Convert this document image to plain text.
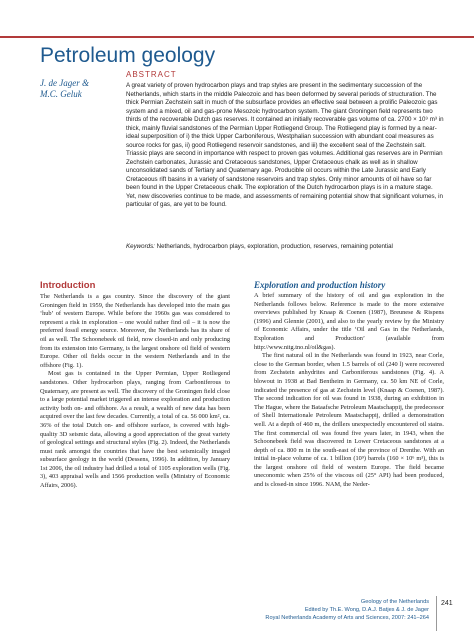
Petroleum geology
J. de Jager &
M.C. Geluk
ABSTRACT

A great variety of proven hydrocarbon plays and trap styles are present in the sedimentary succession of the Netherlands, which starts in the middle Paleozoic and has been deformed by several periods of structuration. The thick Permian Zechstein salt in much of the subsurface provides an effective seal between a prolific Paleozoic gas system and a mixed, oil and gas-prone Mesozoic hydrocarbon system. The giant Groningen field represents two thirds of the recoverable Dutch gas reserves. It contained an initially recoverable gas volume of ca. 2700 × 10⁹ m³ in thick, mainly fluvial sandstones of the Permian Upper Rotliegend Group. The Rotliegend play is formed by a near-ideal superposition of i) the thick Upper Carboniferous, Westphalian succession with abundant coal measures as source rocks for gas, ii) good Rotliegend reservoir sandstones, and iii) the excellent seal of the Zechstein salt. Triassic plays are second in importance with respect to proven gas volumes. Additional gas reserves are in Permian Zechstein carbonates, Jurassic and Cretaceous sandstones, Upper Cretaceous chalk as well as in shallow unconsolidated sands of Tertiary and Quaternary age. Producible oil occurs within the Late Jurassic and Early Cretaceous rift basins in a variety of sandstone reservoirs and trap styles. Only minor amounts of oil have so far been found in the Upper Cretaceous chalk. The exploration of the Dutch hydrocarbon plays is in a mature stage. Yet, new discoveries continue to be made, and assessments of remaining potential show that significant volumes, in particular of gas, are yet to be found.

Keywords: Netherlands, hydrocarbon plays, exploration, production, reserves, remaining potential

Introduction

The Netherlands is a gas country. Since the discovery of the giant Groningen field in 1959, the Netherlands has developed into the main gas ‘hub’ of western Europe. While before the 1960s gas was considered to represent a risk in exploration – one would rather find oil – it is now the preferred fossil energy source. Moreover, the Netherlands has its share of oil as well. The Schoonebeek oil field, now closed-in and only producing from its extension into Germany, is the largest onshore oil field of western Europe. Other oil fields occur in the western Netherlands and in the offshore (Fig. 1).

Most gas is contained in the Upper Permian, Upper Rotliegend sandstones. Other hydrocarbon plays, ranging from Carboniferous to Quaternary, are present as well. The discovery of the Groningen field close to a large potential market triggered an intense exploration and production activity both on- and offshore. As a result, a wealth of new data has been acquired over the last few decades. Currently, a total of ca. 56 000 km², ca. 36% of the total Dutch on- and offshore surface, is covered with high-quality 3D seismic data, allowing a good appreciation of the great variety of geological settings and structural styles (Fig. 2). Indeed, the Netherlands must rank amongst the countries that have the best seismically imaged subsurface geology in the world (Dessens, 1996). In addition, by January 1st 2006, the oil industry had drilled a total of 1105 exploration wells (Fig. 3), 403 appraisal wells and 1566 production wells (Ministry of Economic Affairs, 2006).

Exploration and production history

A brief summary of the history of oil and gas exploration in the Netherlands follows below. Reference is made to the more extensive overviews published by Knaap & Coenen (1987), Breunese & Rispens (1996) and Glennie (2001), and also to the yearly review by the Ministry of Economic Affairs, under the title ‘Oil and Gas in the Netherlands, Exploration and Production’ (available from http://www.nitg.tno.nl/oil&gas).

The first natural oil in the Netherlands was found in 1923, near Corle, close to the German border, when 1.5 barrels of oil (240 l) were recovered from Zechstein anhydrites and Carboniferous sandstones (Fig. 4). A blowout in 1938 at Bad Bentheim in Germany, ca. 50 km NE of Corle, indicated the presence of gas at Zechstein level (Knaap & Coenen, 1987). The second indication for oil was found in 1938, during an exhibition in The Hague, where the Bataafsche Petroleum Maatschappij, the predecessor of Shell Internationale Petroleum Maatschappij, drilled a demonstration well. At a depth of 460 m, the drillers unexpectedly encountered oil stains. The first commercial oil was found five years later, in 1943, when the Schoonebeek field was discovered in Lower Cretaceous sandstones at a depth of ca. 800 m in the south-east of the province of Drenthe. With an initial in-place volume of ca. 1 billion (10⁹) barrels (160 × 10⁶ m³), this is the largest onshore oil field of western Europe. The field became uneconomic when 25% of the viscous oil (25° API) had been produced, and is closed-in since 1996. NAM, the Neder-

Geology of the Netherlands
Edited by Th.E. Wong, D.A.J. Batjes & J. de Jager
Royal Netherlands Academy of Arts and Sciences, 2007: 241–264
241
